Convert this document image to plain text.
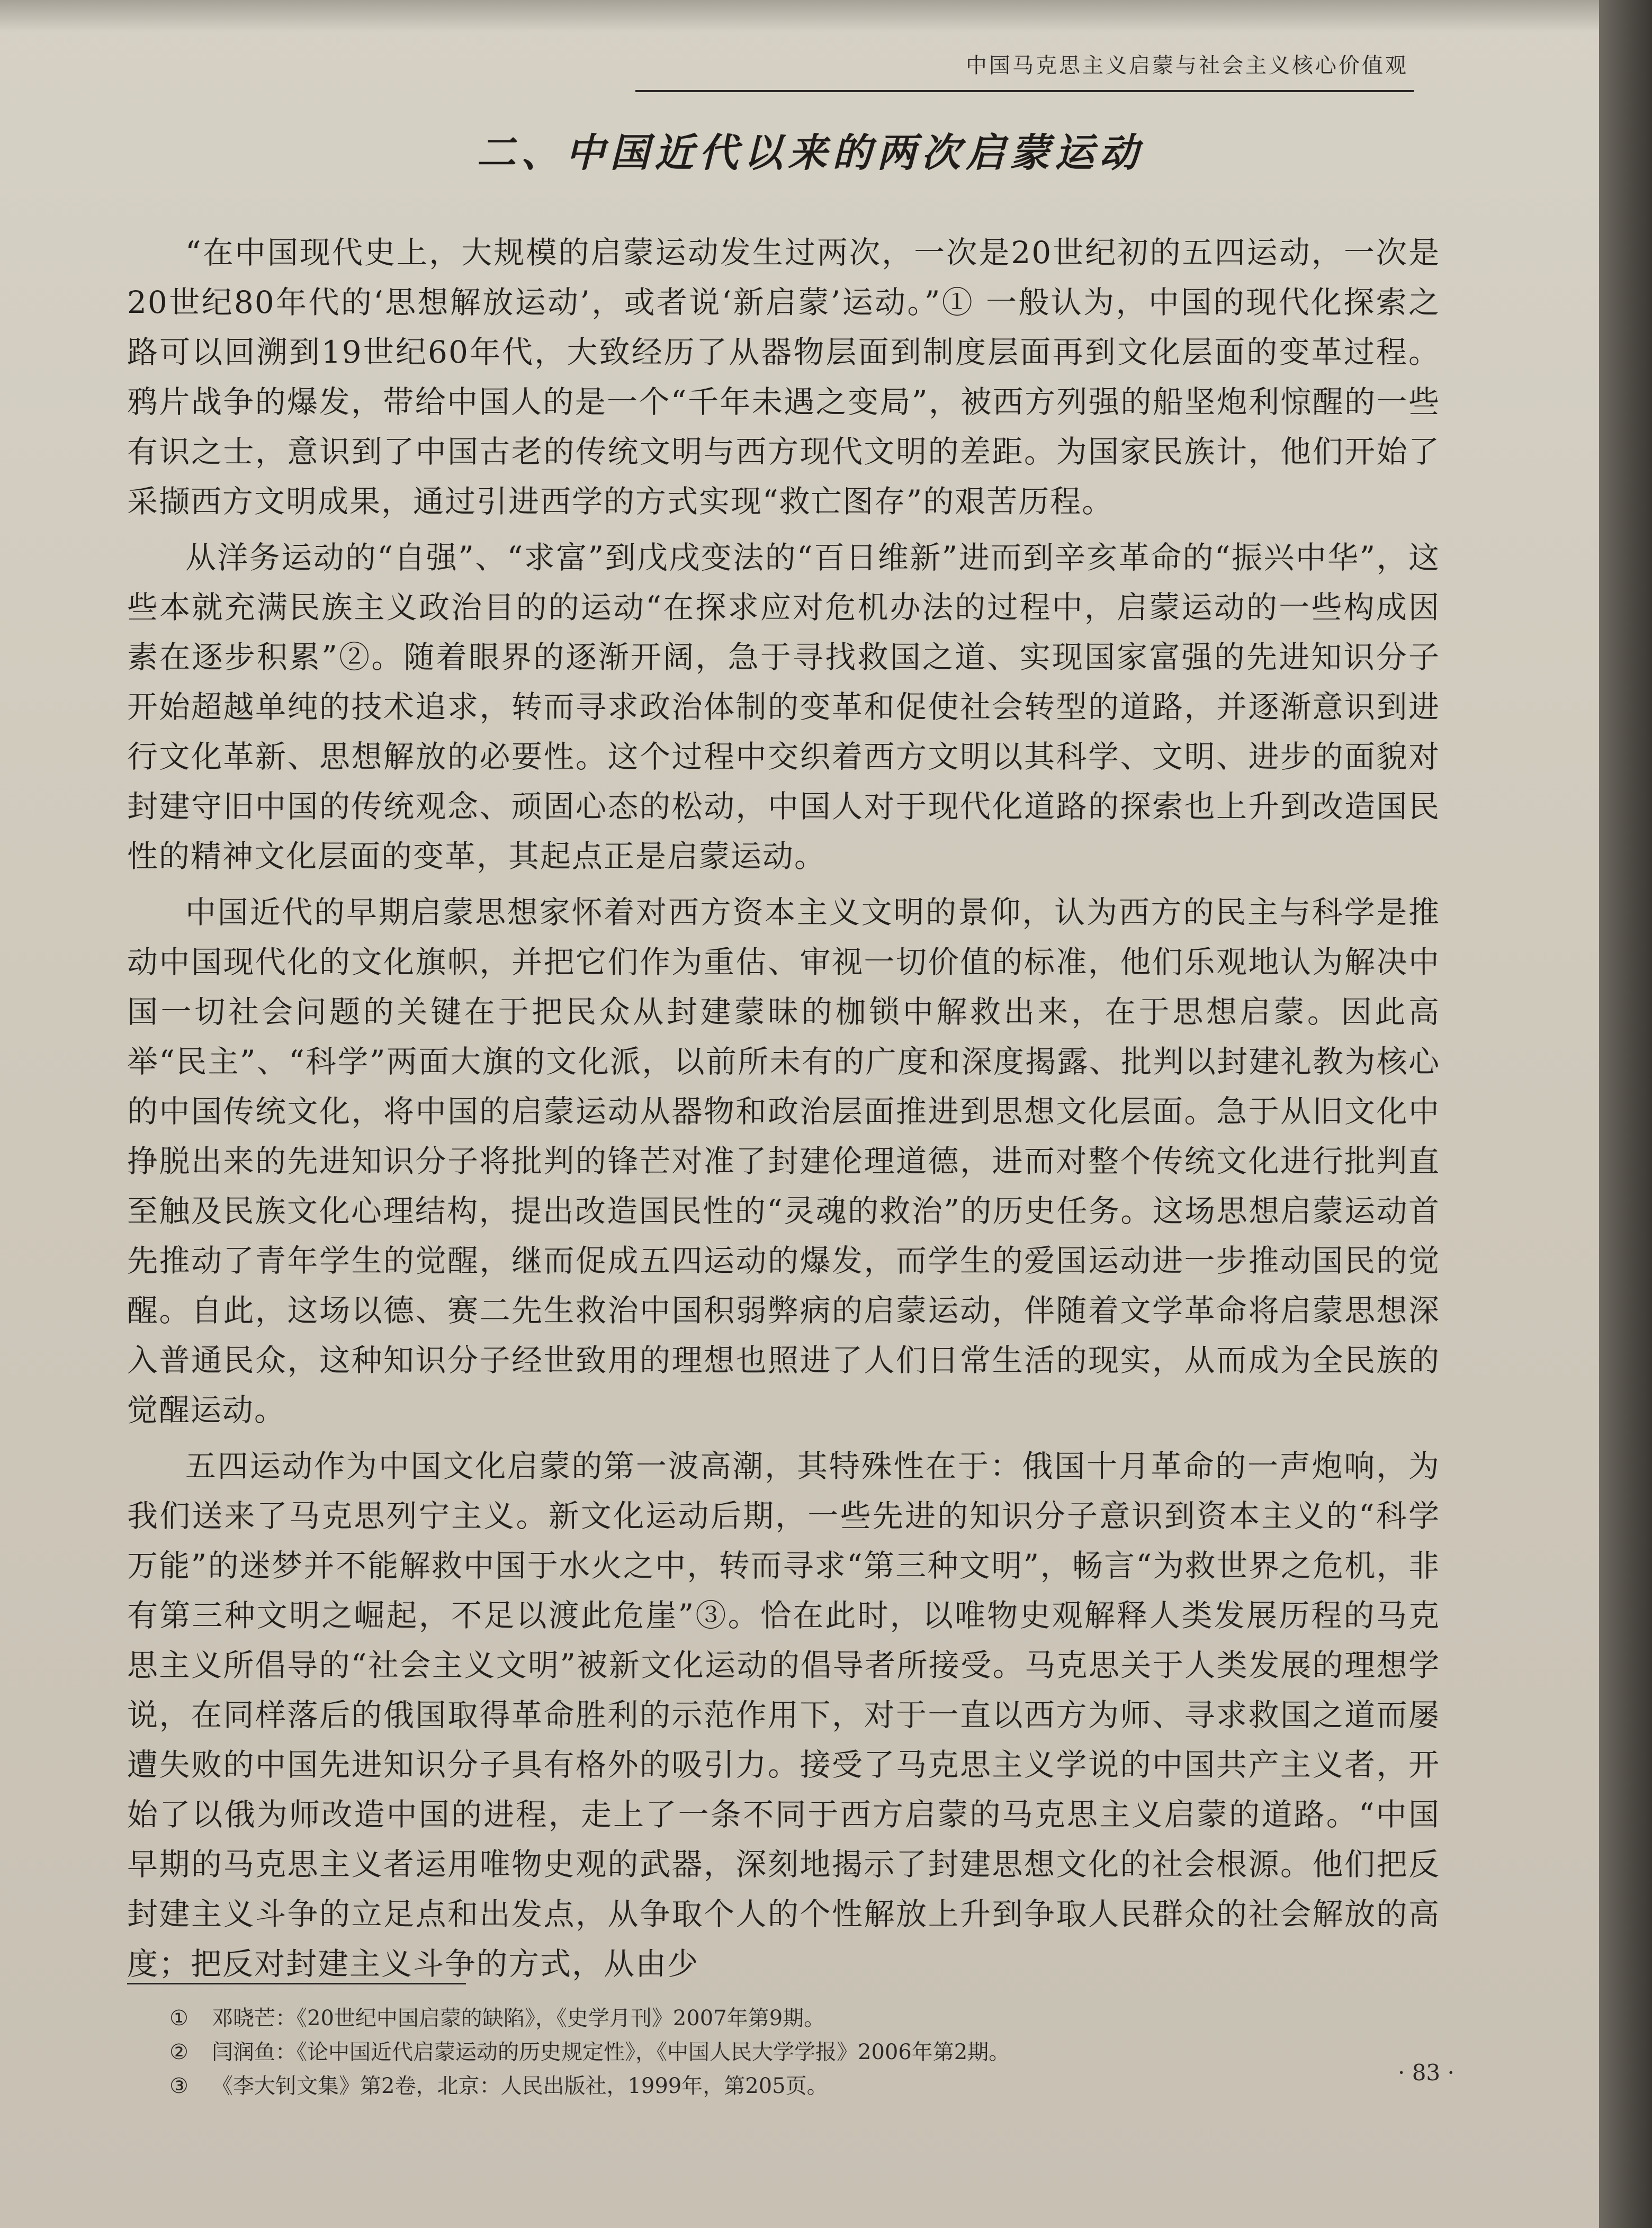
中国马克思主义启蒙与社会主义核心价值观
二、中国近代以来的两次启蒙运动

“在中国现代史上，大规模的启蒙运动发生过两次，一次是20世纪初的五四运动，一次是20世纪80年代的‘思想解放运动’，或者说‘新启蒙’运动。”① 一般认为，中国的现代化探索之路可以回溯到19世纪60年代，大致经历了从器物层面到制度层面再到文化层面的变革过程。鸦片战争的爆发，带给中国人的是一个“千年未遇之变局”，被西方列强的船坚炮利惊醒的一些有识之士，意识到了中国古老的传统文明与西方现代文明的差距。为国家民族计，他们开始了采撷西方文明成果，通过引进西学的方式实现“救亡图存”的艰苦历程。

从洋务运动的“自强”、“求富”到戊戌变法的“百日维新”进而到辛亥革命的“振兴中华”，这些本就充满民族主义政治目的的运动“在探求应对危机办法的过程中，启蒙运动的一些构成因素在逐步积累”②。随着眼界的逐渐开阔，急于寻找救国之道、实现国家富强的先进知识分子开始超越单纯的技术追求，转而寻求政治体制的变革和促使社会转型的道路，并逐渐意识到进行文化革新、思想解放的必要性。这个过程中交织着西方文明以其科学、文明、进步的面貌对封建守旧中国的传统观念、顽固心态的松动，中国人对于现代化道路的探索也上升到改造国民性的精神文化层面的变革，其起点正是启蒙运动。

中国近代的早期启蒙思想家怀着对西方资本主义文明的景仰，认为西方的民主与科学是推动中国现代化的文化旗帜，并把它们作为重估、审视一切价值的标准，他们乐观地认为解决中国一切社会问题的关键在于把民众从封建蒙昧的枷锁中解救出来，在于思想启蒙。因此高举“民主”、“科学”两面大旗的文化派，以前所未有的广度和深度揭露、批判以封建礼教为核心的中国传统文化，将中国的启蒙运动从器物和政治层面推进到思想文化层面。急于从旧文化中挣脱出来的先进知识分子将批判的锋芒对准了封建伦理道德，进而对整个传统文化进行批判直至触及民族文化心理结构，提出改造国民性的“灵魂的救治”的历史任务。这场思想启蒙运动首先推动了青年学生的觉醒，继而促成五四运动的爆发，而学生的爱国运动进一步推动国民的觉醒。自此，这场以德、赛二先生救治中国积弱弊病的启蒙运动，伴随着文学革命将启蒙思想深入普通民众，这种知识分子经世致用的理想也照进了人们日常生活的现实，从而成为全民族的觉醒运动。

五四运动作为中国文化启蒙的第一波高潮，其特殊性在于：俄国十月革命的一声炮响，为我们送来了马克思列宁主义。新文化运动后期，一些先进的知识分子意识到资本主义的“科学万能”的迷梦并不能解救中国于水火之中，转而寻求“第三种文明”，畅言“为救世界之危机，非有第三种文明之崛起，不足以渡此危崖”③。恰在此时，以唯物史观解释人类发展历程的马克思主义所倡导的“社会主义文明”被新文化运动的倡导者所接受。马克思关于人类发展的理想学说，在同样落后的俄国取得革命胜利的示范作用下，对于一直以西方为师、寻求救国之道而屡遭失败的中国先进知识分子具有格外的吸引力。接受了马克思主义学说的中国共产主义者，开始了以俄为师改造中国的进程，走上了一条不同于西方启蒙的马克思主义启蒙的道路。“中国早期的马克思主义者运用唯物史观的武器，深刻地揭示了封建思想文化的社会根源。他们把反封建主义斗争的立足点和出发点，从争取个人的个性解放上升到争取人民群众的社会解放的高度；把反对封建主义斗争的方式，从由少

① 邓晓芒：《20世纪中国启蒙的缺陷》，《史学月刊》2007年第9期。
② 闫润鱼：《论中国近代启蒙运动的历史规定性》，《中国人民大学学报》2006年第2期。
③ 《李大钊文集》第2卷，北京：人民出版社，1999年，第205页。
· 83 ·
